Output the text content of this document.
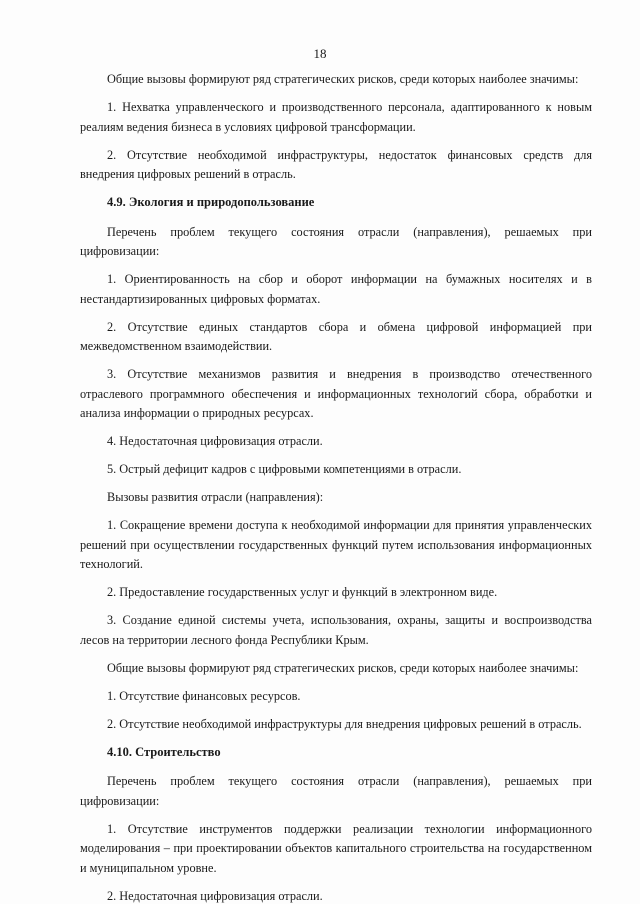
18
Общие вызовы формируют ряд стратегических рисков, среди которых наиболее значимы:
1. Нехватка управленческого и производственного персонала, адаптированного к новым реалиям ведения бизнеса в условиях цифровой трансформации.
2. Отсутствие необходимой инфраструктуры, недостаток финансовых средств для внедрения цифровых решений в отрасль.
4.9. Экология и природопользование
Перечень проблем текущего состояния отрасли (направления), решаемых при цифровизации:
1. Ориентированность на сбор и оборот информации на бумажных носителях и в нестандартизированных цифровых форматах.
2. Отсутствие единых стандартов сбора и обмена цифровой информацией при межведомственном взаимодействии.
3. Отсутствие механизмов развития и внедрения в производство отечественного отраслевого программного обеспечения и информационных технологий сбора, обработки и анализа информации о природных ресурсах.
4. Недостаточная цифровизация отрасли.
5. Острый дефицит кадров с цифровыми компетенциями в отрасли.
Вызовы развития отрасли (направления):
1. Сокращение времени доступа к необходимой информации для принятия управленческих решений при осуществлении государственных функций путем использования информационных технологий.
2. Предоставление государственных услуг и функций в электронном виде.
3. Создание единой системы учета, использования, охраны, защиты и воспроизводства лесов на территории лесного фонда Республики Крым.
Общие вызовы формируют ряд стратегических рисков, среди которых наиболее значимы:
1. Отсутствие финансовых ресурсов.
2. Отсутствие необходимой инфраструктуры для внедрения цифровых решений в отрасль.
4.10. Строительство
Перечень проблем текущего состояния отрасли (направления), решаемых при цифровизации:
1. Отсутствие инструментов поддержки реализации технологии информационного моделирования – при проектировании объектов капитального строительства на государственном и муниципальном уровне.
2. Недостаточная цифровизация отрасли.
